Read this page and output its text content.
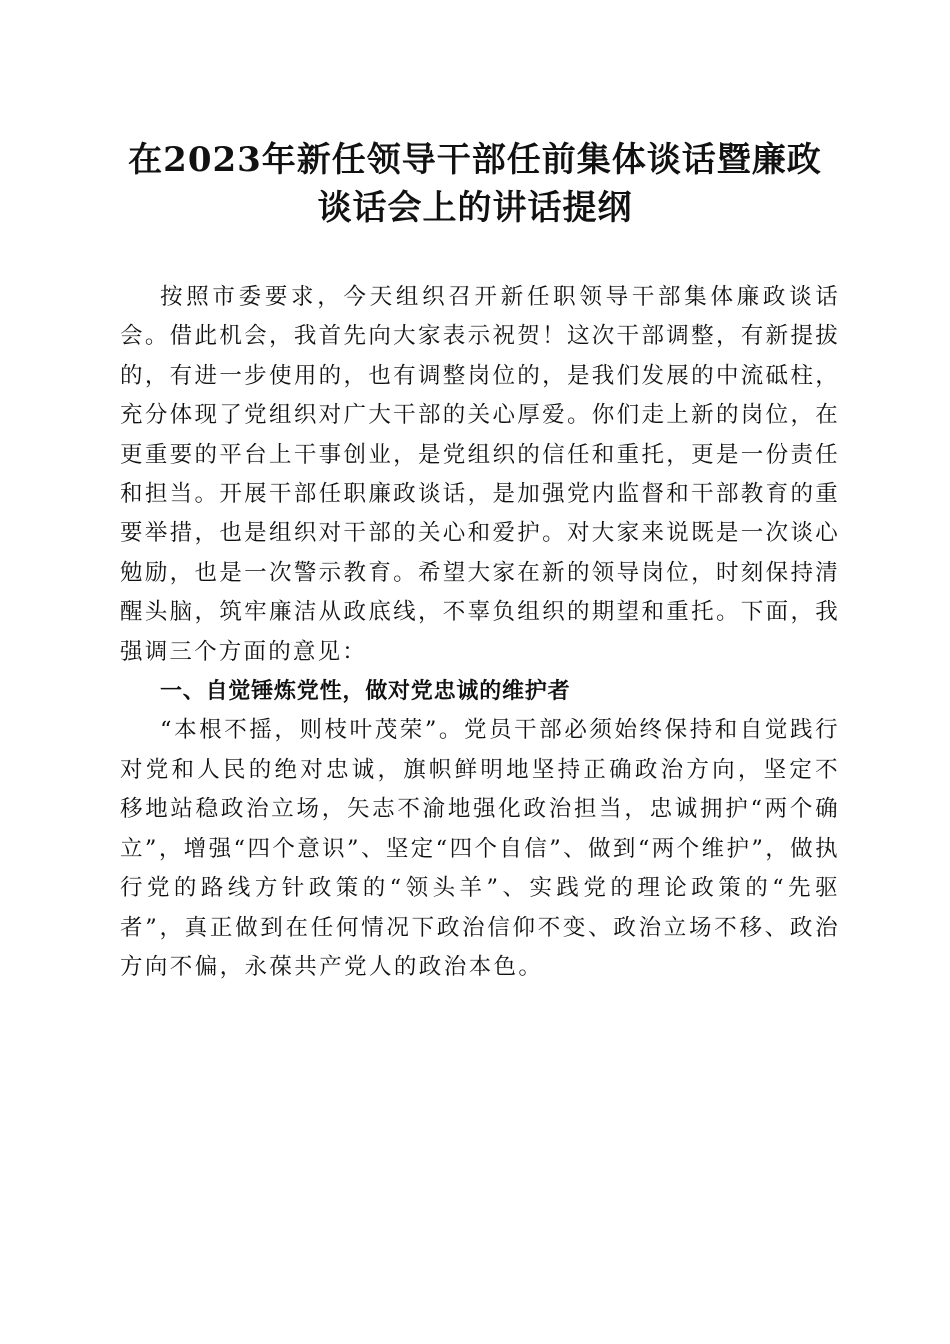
在2023年新任领导干部任前集体谈话暨廉政
谈话会上的讲话提纲

按照市委要求，今天组织召开新任职领导干部集体廉政谈话会。借此机会，我首先向大家表示祝贺！这次干部调整，有新提拔的，有进一步使用的，也有调整岗位的，是我们发展的中流砥柱，充分体现了党组织对广大干部的关心厚爱。你们走上新的岗位，在更重要的平台上干事创业，是党组织的信任和重托，更是一份责任和担当。开展干部任职廉政谈话，是加强党内监督和干部教育的重要举措，也是组织对干部的关心和爱护。对大家来说既是一次谈心勉励，也是一次警示教育。希望大家在新的领导岗位，时刻保持清醒头脑，筑牢廉洁从政底线，不辜负组织的期望和重托。下面，我强调三个方面的意见：

一、自觉锤炼党性，做对党忠诚的维护者

“本根不摇，则枝叶茂荣”。党员干部必须始终保持和自觉践行对党和人民的绝对忠诚，旗帜鲜明地坚持正确政治方向，坚定不移地站稳政治立场，矢志不渝地强化政治担当，忠诚拥护“两个确立”，增强“四个意识”、坚定“四个自信”、做到“两个维护”，做执行党的路线方针政策的“领头羊”、实践党的理论政策的“先驱者”，真正做到在任何情况下政治信仰不变、政治立场不移、政治方向不偏，永葆共产党人的政治本色。
